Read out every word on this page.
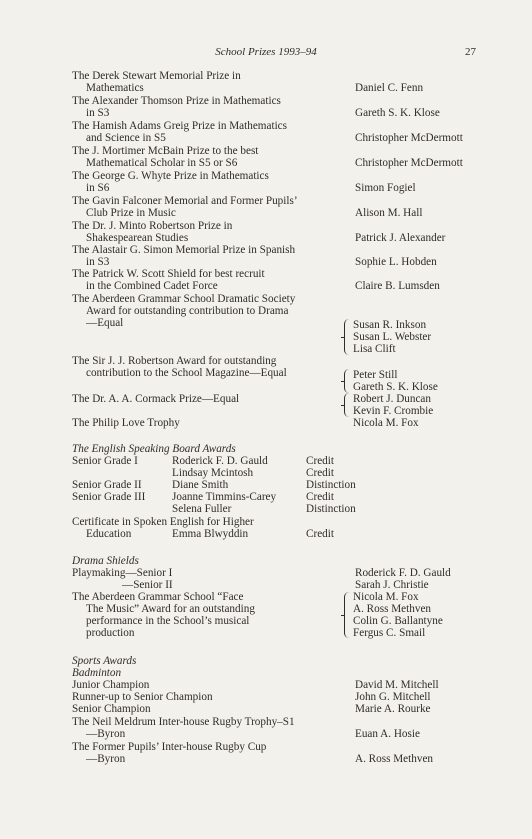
School Prizes 1993–94	27
The Derek Stewart Memorial Prize in
Mathematics	Daniel C. Fenn
The Alexander Thomson Prize in Mathematics
in S3	Gareth S. K. Klose
The Hamish Adams Greig Prize in Mathematics
and Science in S5	Christopher McDermott
The J. Mortimer McBain Prize to the best
Mathematical Scholar in S5 or S6	Christopher McDermott
The George G. Whyte Prize in Mathematics
in S6	Simon Fogiel
The Gavin Falconer Memorial and Former Pupils’
Club Prize in Music	Alison M. Hall
The Dr. J. Minto Robertson Prize in
Shakespearean Studies	Patrick J. Alexander
The Alastair G. Simon Memorial Prize in Spanish
in S3	Sophie L. Hobden
The Patrick W. Scott Shield for best recruit
in the Combined Cadet Force	Claire B. Lumsden
The Aberdeen Grammar School Dramatic Society
Award for outstanding contribution to Drama
—Equal	Susan R. Inkson
Susan L. Webster
Lisa Clift
The Sir J. J. Robertson Award for outstanding
contribution to the School Magazine—Equal	Peter Still
Gareth S. K. Klose
The Dr. A. A. Cormack Prize—Equal	Robert J. Duncan
Kevin F. Crombie
The Philip Love Trophy	Nicola M. Fox
The English Speaking Board Awards
Senior Grade I	Roderick F. D. Gauld	Credit
Lindsay Mcintosh	Credit
Senior Grade II	Diane Smith	Distinction
Senior Grade III Joanne Timmins-Carey	Credit
Selena Fuller	Distinction
Certificate in Spoken English for Higher
Education	Emma Blwyddin	Credit
Drama Shields
Playmaking—Senior I	Roderick F. D. Gauld
—Senior II	Sarah J. Christie
The Aberdeen Grammar School “Face
The Music” Award for an outstanding
performance in the School’s musical
production
Nicola M. Fox
A. Ross Methven
Colin G. Ballantyne
Fergus C. Smail
Sports Awards
Badminton
Junior Champion	David M. Mitchell
Runner-up to Senior Champion	John G. Mitchell
Senior Champion	Marie A. Rourke
The Neil Meldrum Inter-house Rugby Trophy–S1
—Byron	Euan A. Hosie
The Former Pupils’ Inter-house Rugby Cup
—Byron	A. Ross Methven
